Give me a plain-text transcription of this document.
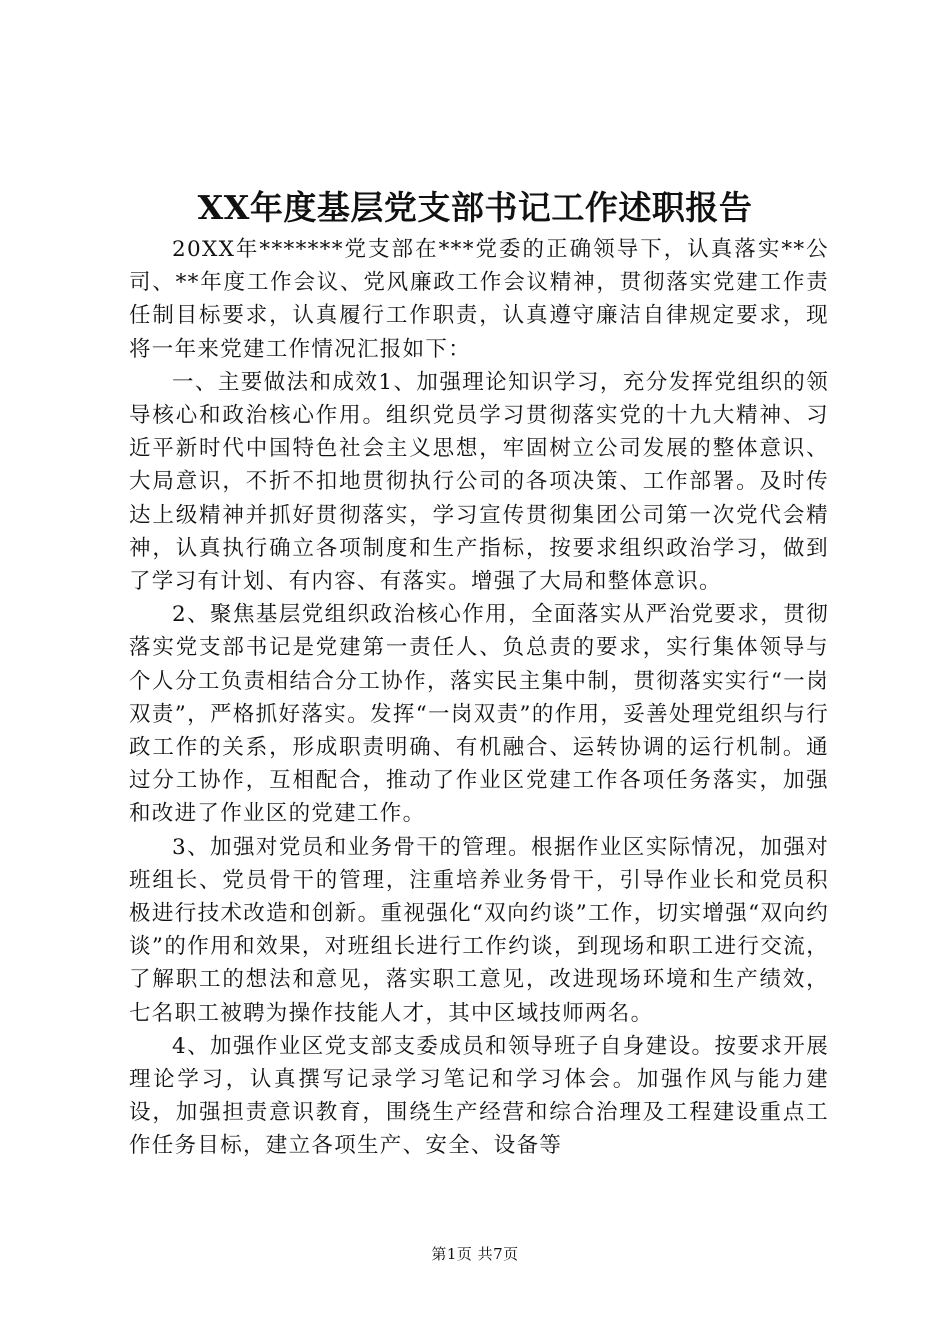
XX年度基层党支部书记工作述职报告

20XX年*******党支部在***党委的正确领导下，认真落实**公司、**年度工作会议、党风廉政工作会议精神，贯彻落实党建工作责任制目标要求，认真履行工作职责，认真遵守廉洁自律规定要求，现将一年来党建工作情况汇报如下：

一、主要做法和成效1、加强理论知识学习，充分发挥党组织的领导核心和政治核心作用。组织党员学习贯彻落实党的十九大精神、习近平新时代中国特色社会主义思想，牢固树立公司发展的整体意识、大局意识，不折不扣地贯彻执行公司的各项决策、工作部署。及时传达上级精神并抓好贯彻落实，学习宣传贯彻集团公司第一次党代会精神，认真执行确立各项制度和生产指标，按要求组织政治学习，做到了学习有计划、有内容、有落实。增强了大局和整体意识。

2、聚焦基层党组织政治核心作用，全面落实从严治党要求，贯彻落实党支部书记是党建第一责任人、负总责的要求，实行集体领导与个人分工负责相结合分工协作，落实民主集中制，贯彻落实实行“一岗双责”，严格抓好落实。发挥“一岗双责”的作用，妥善处理党组织与行政工作的关系，形成职责明确、有机融合、运转协调的运行机制。通过分工协作，互相配合，推动了作业区党建工作各项任务落实，加强和改进了作业区的党建工作。

3、加强对党员和业务骨干的管理。根据作业区实际情况，加强对班组长、党员骨干的管理，注重培养业务骨干，引导作业长和党员积极进行技术改造和创新。重视强化“双向约谈”工作，切实增强“双向约谈”的作用和效果，对班组长进行工作约谈，到现场和职工进行交流，了解职工的想法和意见，落实职工意见，改进现场环境和生产绩效，七名职工被聘为操作技能人才，其中区域技师两名。

4、加强作业区党支部支委成员和领导班子自身建设。按要求开展理论学习，认真撰写记录学习笔记和学习体会。加强作风与能力建设，加强担责意识教育，围绕生产经营和综合治理及工程建设重点工作任务目标，建立各项生产、安全、设备等

第1页 共7页
